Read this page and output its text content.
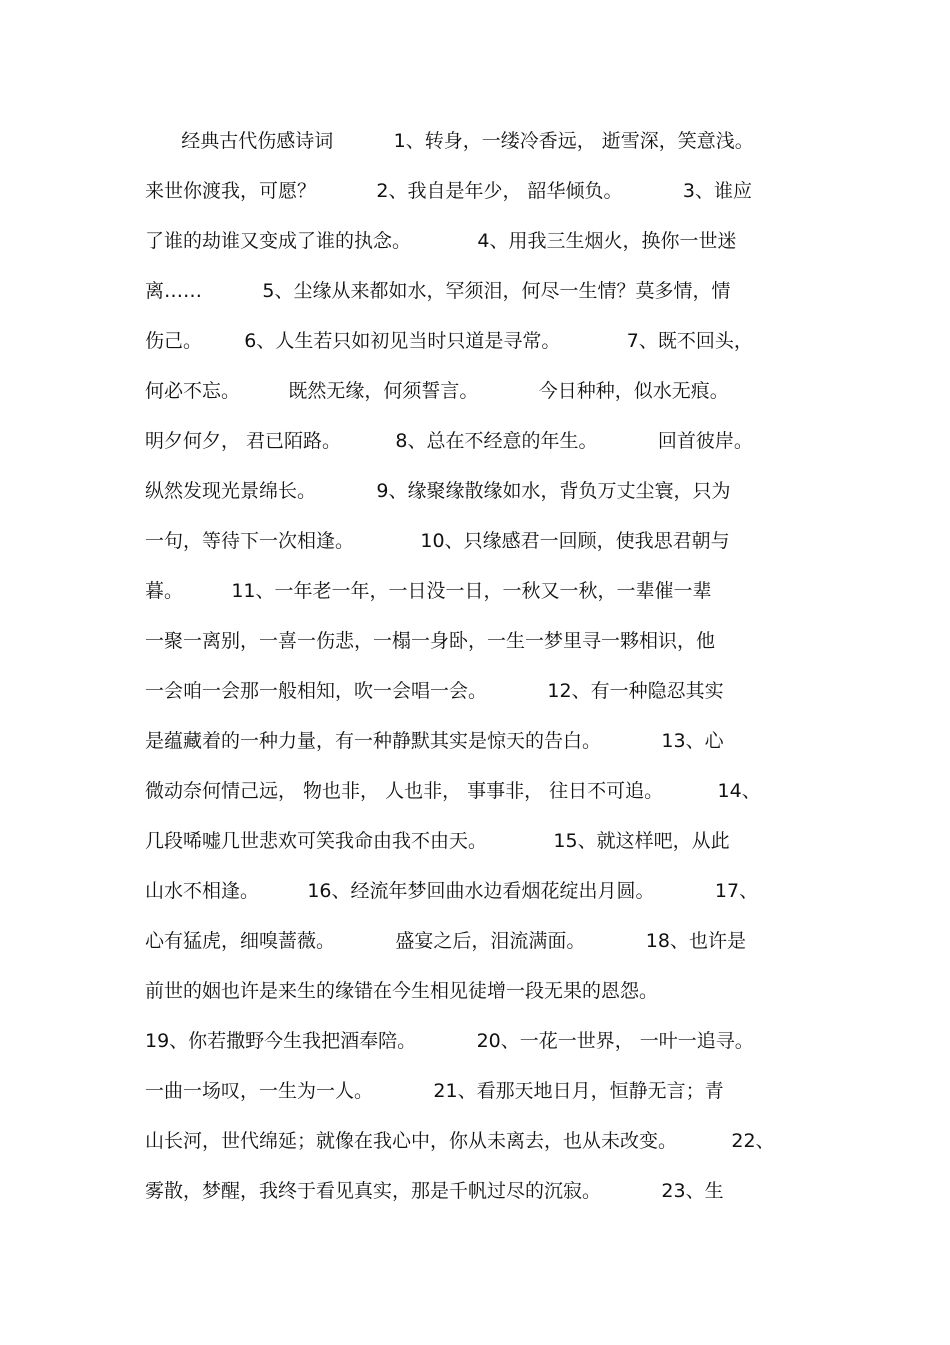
经典古代伤感诗词          1、转身，一缕冷香远， 逝雪深，笑意浅。
来世你渡我，可愿？          2、我自是年少， 韶华倾负。          3、谁应
了谁的劫谁又变成了谁的执念。           4、用我三生烟火，换你一世迷
离……          5、尘缘从来都如水，罕须泪，何尽一生情？莫多情，情
伤己。       6、人生若只如初见当时只道是寻常。           7、既不回头，
何必不忘。        既然无缘，何须誓言。          今日种种，似水无痕。
明夕何夕， 君已陌路。         8、总在不经意的年生。          回首彼岸。
纵然发现光景绵长。          9、缘聚缘散缘如水，背负万丈尘寰，只为
一句，等待下一次相逢。           10、只缘感君一回顾，使我思君朝与
暮。        11、一年老一年，一日没一日，一秋又一秋，一辈催一辈
一聚一离别，一喜一伤悲，一榻一身卧，一生一梦里寻一夥相识，他
一会咱一会那一般相知，吹一会唱一会。          12、有一种隐忍其实
是蕴藏着的一种力量，有一种静默其实是惊天的告白。          13、心
微动奈何情己远， 物也非， 人也非， 事事非， 往日不可追。         14、
几段唏嘘几世悲欢可笑我命由我不由天。           15、就这样吧，从此
山水不相逢。        16、经流年梦回曲水边看烟花绽出月圆。          17、
心有猛虎，细嗅蔷薇。          盛宴之后，泪流满面。          18、也许是
前世的姻也许是来生的缘错在今生相见徒增一段无果的恩怨。
19、你若撒野今生我把酒奉陪。          20、一花一世界， 一叶一追寻。
一曲一场叹，一生为一人。          21、看那天地日月，恒静无言；青
山长河，世代绵延；就像在我心中，你从未离去，也从未改变。         22、
雾散，梦醒，我终于看见真实，那是千帆过尽的沉寂。          23、生
